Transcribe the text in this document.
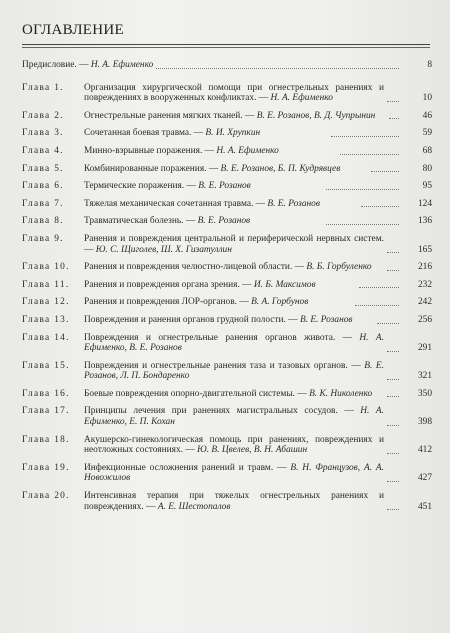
ОГЛАВЛЕНИЕ
Предисловие. — Н. А. Ефименко	8
Глава 1.	Организация хирургической помощи при огнестрельных ранениях и повреждениях в вооруженных конфликтах. — Н. А. Ефименко	10
Глава 2.	Огнестрельные ранения мягких тканей. — В. Е. Розанов, В. Д. Чупрынин	46
Глава 3.	Сочетанная боевая травма. — В. И. Хрупкин	59
Глава 4.	Минно-взрывные поражения. — Н. А. Ефименко	68
Глава 5.	Комбинированные поражения. — В. Е. Розанов, Б. П. Кудрявцев	80
Глава 6.	Термические поражения. — В. Е. Розанов	95
Глава 7.	Тяжелая механическая сочетанная травма. — В. Е. Розанов	124
Глава 8.	Травматическая болезнь. — В. Е. Розанов	136
Глава 9.	Ранения и повреждения центральной и периферической нервных систем. — Ю. С. Щиголев, Ш. Х. Гизатуллин	165
Глава 10.	Ранения и повреждения челюстно-лицевой области. — В. Б. Горбуленко	216
Глава 11.	Ранения и повреждения органа зрения. — И. Б. Максимов	232
Глава 12.	Ранения и повреждения ЛОР-органов. — В. А. Горбунов	242
Глава 13.	Повреждения и ранения органов грудной полости. — В. Е. Розанов	256
Глава 14.	Повреждения и огнестрельные ранения органов живота. — Н. А. Ефименко, В. Е. Розанов	291
Глава 15.	Повреждения и огнестрельные ранения таза и тазовых органов. — В. Е. Розанов, Л. П. Бондаренко	321
Глава 16.	Боевые повреждения опорно-двигательной системы. — В. К. Николенко	350
Глава 17.	Принципы лечения при ранениях магистральных сосудов. — Н. А. Ефименко, Е. П. Кохан	398
Глава 18.	Акушерско-гинекологическая помощь при ранениях, повреждениях и неотложных состояниях. — Ю. В. Цвелев, В. Н. Абашин	412
Глава 19.	Инфекционные осложнения ранений и травм. — В. Н. Французов, А. А. Новожилов	427
Глава 20.	Интенсивная терапия при тяжелых огнестрельных ранениях и повреждениях. — А. Е. Шестопалов	451
